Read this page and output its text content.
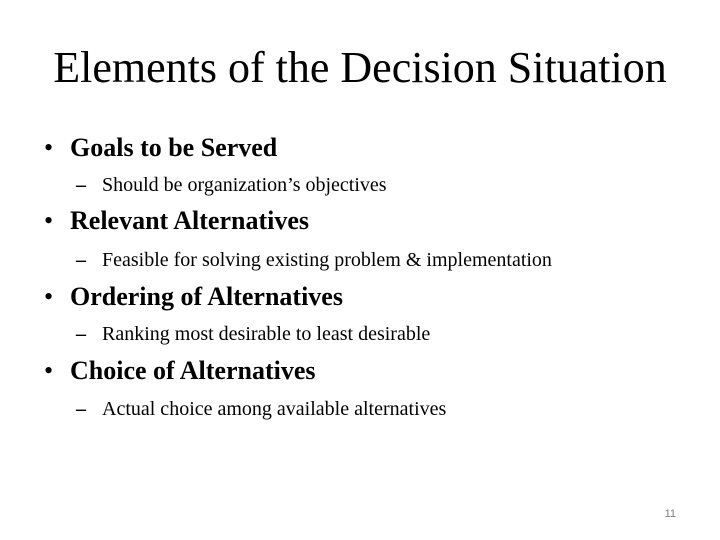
Elements of the Decision Situation
• Goals to be Served
– Should be organization’s objectives
• Relevant Alternatives
– Feasible for solving existing problem & implementation
• Ordering of Alternatives
– Ranking most desirable to least desirable
• Choice of Alternatives
– Actual choice among available alternatives
11
